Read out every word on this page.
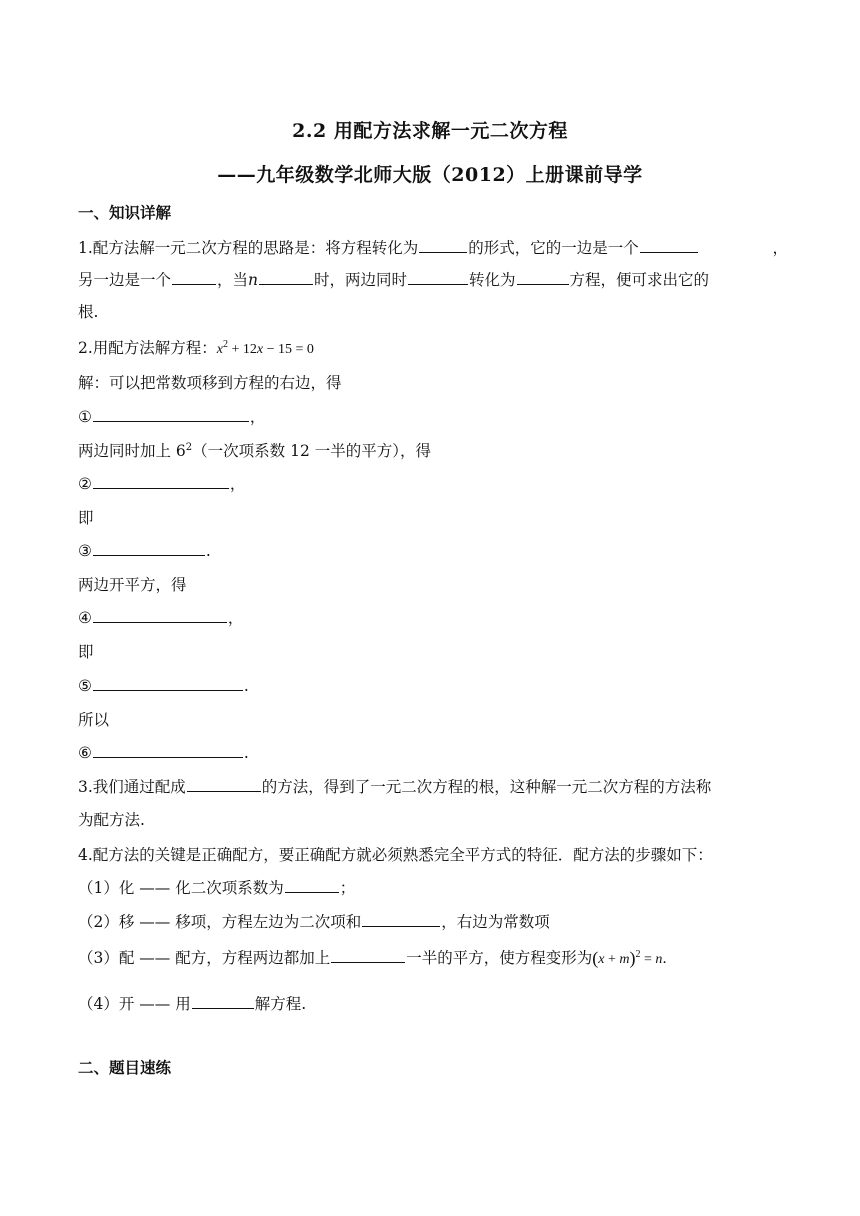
2.2 用配方法求解一元二次方程
——九年级数学北师大版（2012）上册课前导学
一、知识详解
1.配方法解一元二次方程的思路是：将方程转化为	的形式，它的一边是一个	，
另一边是一个	，当n	时，两边同时	转化为	方程，便可求出它的
根.
2.用配方法解方程：$x^2 + 12x - 15 = 0$
解：可以把常数项移到方程的右边，得
①	，
两边同时加上 $6^2$（一次项系数 12 一半的平方），得
②	，
即
③	.
两边开平方，得
④	，
即
⑤	.
所以
⑥	.
3.我们通过配成	的方法，得到了一元二次方程的根，这种解一元二次方程的方法称
为配方法.
4.配方法的关键是正确配方，要正确配方就必须熟悉完全平方式的特征．配方法的步骤如下：
（1）化 —— 化二次项系数为	；
（2）移 —— 移项，方程左边为二次项和	，右边为常数项
（3）配 —— 配方，方程两边都加上	一半的平方，使方程变形为$(x + m)^2 = n$．
（4）开 —— 用	解方程.
二、题目速练
